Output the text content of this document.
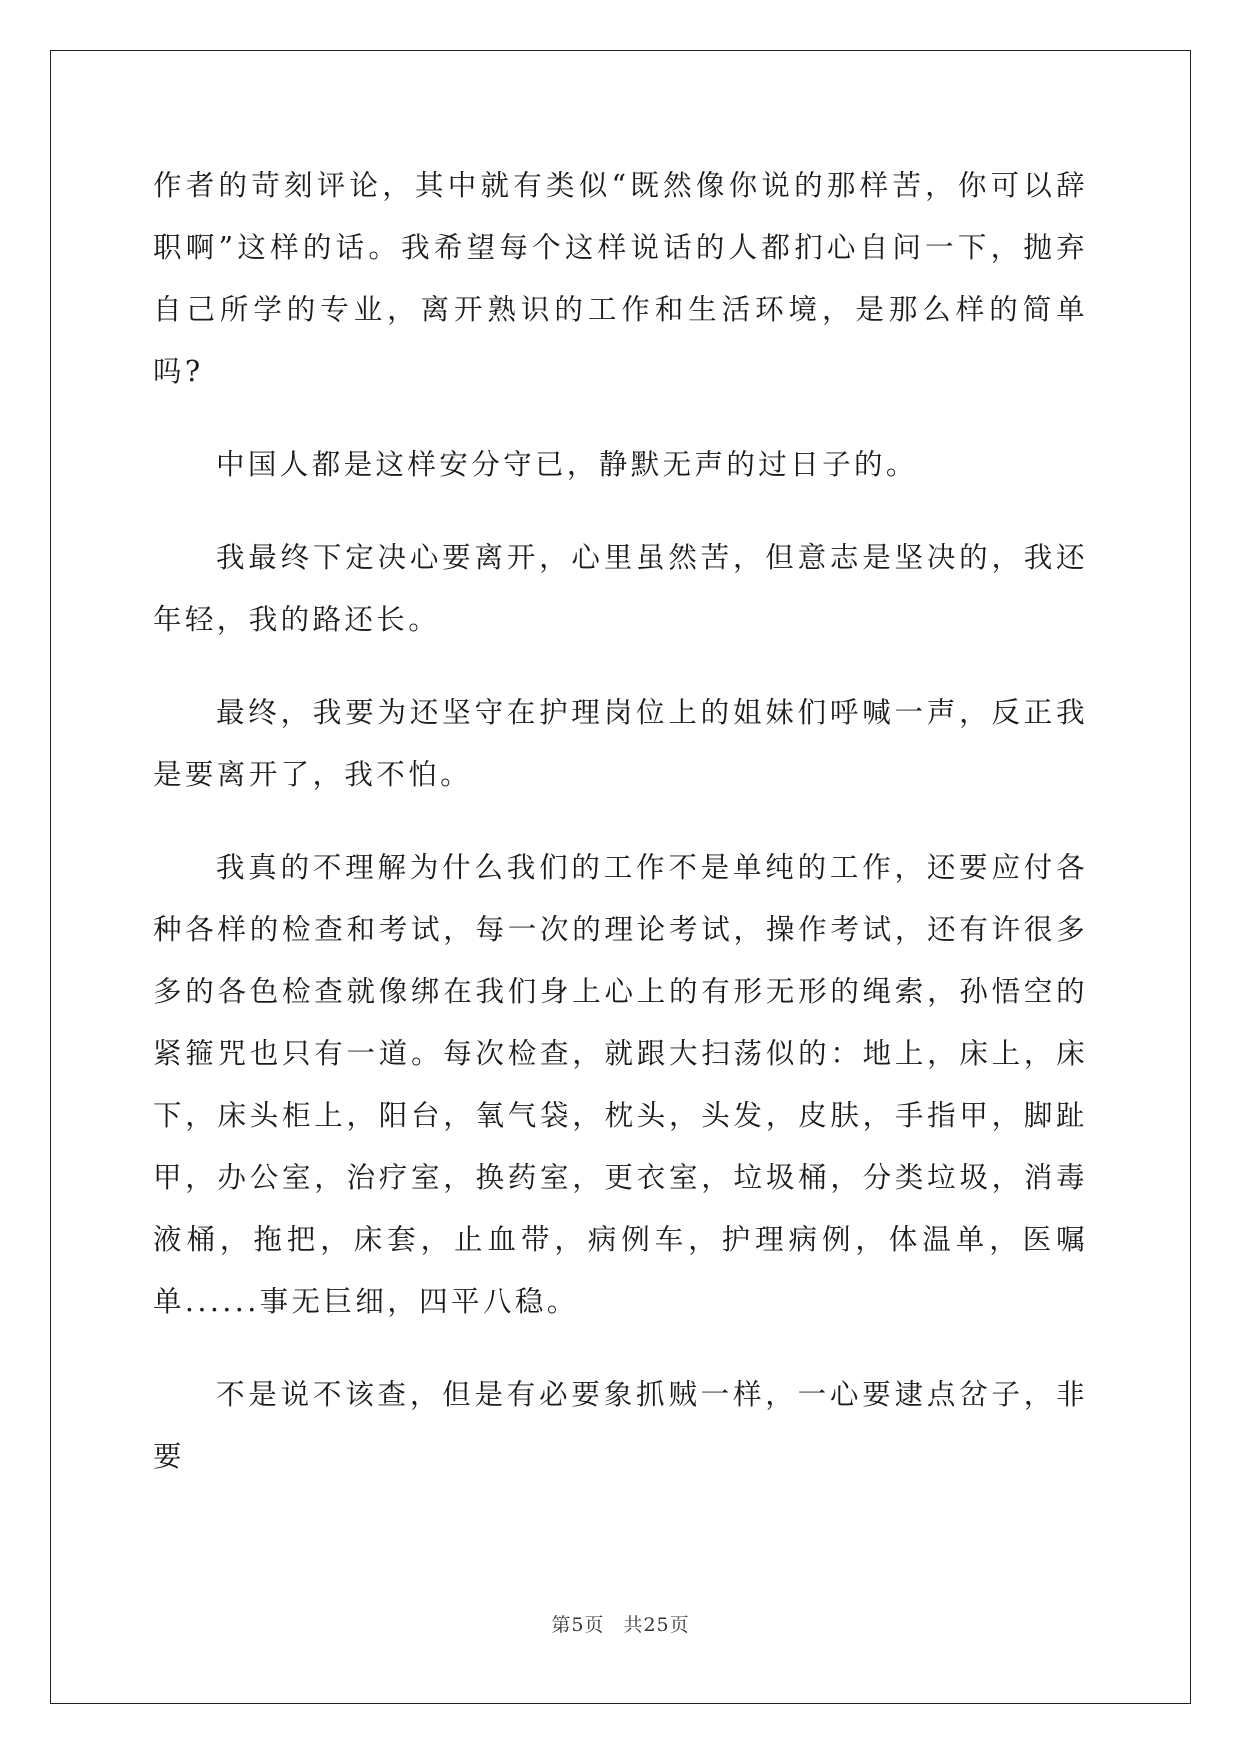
作者的苛刻评论，其中就有类似“既然像你说的那样苦，你可以辞职啊”这样的话。我希望每个这样说话的人都扪心自问一下，抛弃自己所学的专业，离开熟识的工作和生活环境，是那么样的简单吗?

中国人都是这样安分守已，静默无声的过日子的。

我最终下定决心要离开，心里虽然苦，但意志是坚决的，我还年轻，我的路还长。

最终，我要为还坚守在护理岗位上的姐妹们呼喊一声，反正我是要离开了，我不怕。

我真的不理解为什么我们的工作不是单纯的工作，还要应付各种各样的检查和考试，每一次的理论考试，操作考试，还有许很多多的各色检查就像绑在我们身上心上的有形无形的绳索，孙悟空的紧箍咒也只有一道。每次检查，就跟大扫荡似的：地上，床上，床下，床头柜上，阳台，氧气袋，枕头，头发，皮肤，手指甲，脚趾甲，办公室，治疗室，换药室，更衣室，垃圾桶，分类垃圾，消毒液桶，拖把，床套，止血带，病例车，护理病例，体温单，医嘱单......事无巨细，四平八稳。

不是说不该查，但是有必要象抓贼一样，一心要逮点岔子，非要

第5页 共25页
